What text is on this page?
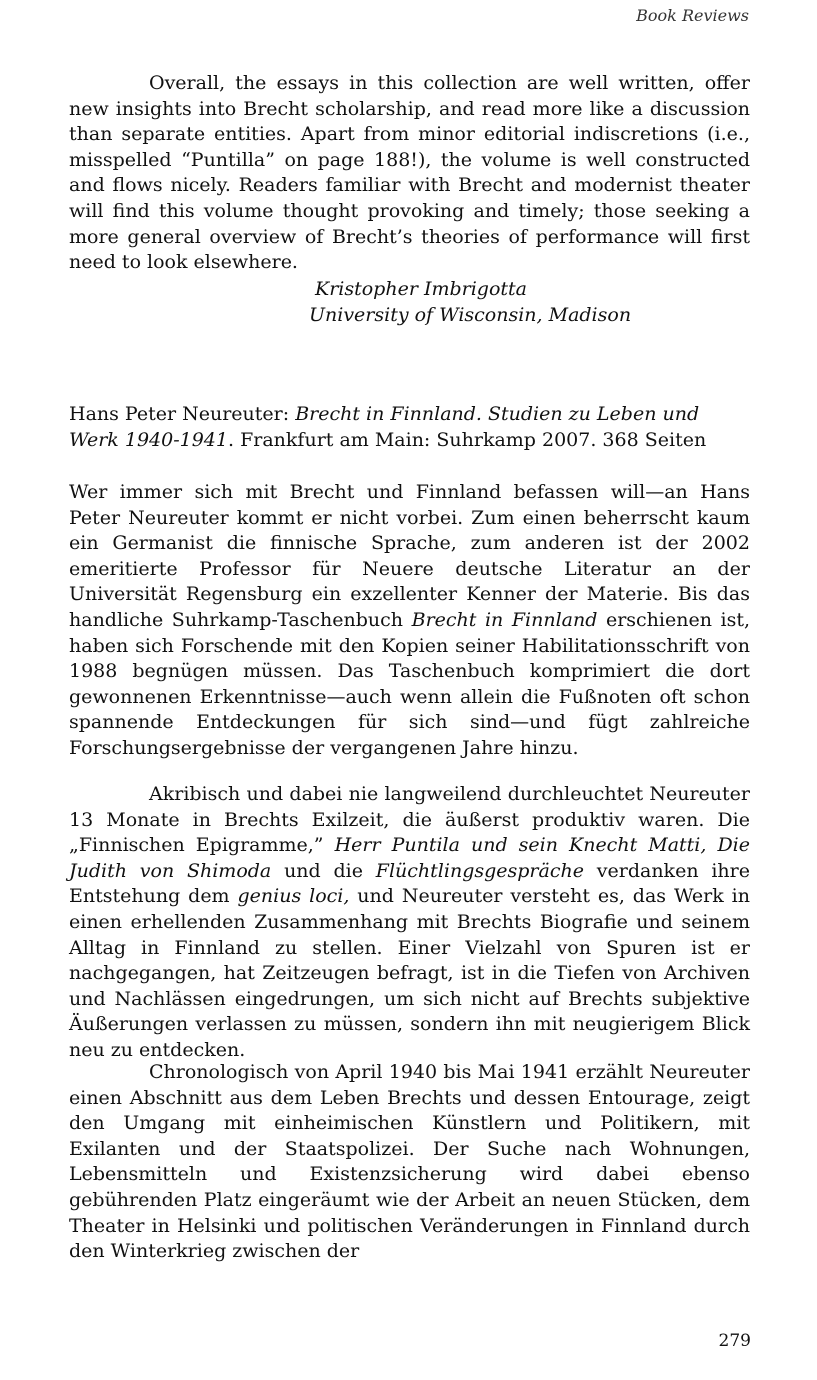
Book Reviews

Overall, the essays in this collection are well written, offer new insights into Brecht scholarship, and read more like a discussion than separate entities. Apart from minor editorial indiscretions (i.e., misspelled “Puntilla” on page 188!), the volume is well constructed and flows nicely. Readers familiar with Brecht and modernist theater will find this volume thought provoking and timely; those seeking a more general overview of Brecht’s theories of performance will first need to look elsewhere.

Kristopher Imbrigotta
University of Wisconsin, Madison

Hans Peter Neureuter: Brecht in Finnland. Studien zu Leben und Werk 1940-1941. Frankfurt am Main: Suhrkamp 2007. 368 Seiten

Wer immer sich mit Brecht und Finnland befassen will—an Hans Peter Neureuter kommt er nicht vorbei. Zum einen beherrscht kaum ein Germanist die finnische Sprache, zum anderen ist der 2002 emeritierte Professor für Neuere deutsche Literatur an der Universität Regensburg ein exzellenter Kenner der Materie. Bis das handliche Suhrkamp-Taschenbuch Brecht in Finnland erschienen ist, haben sich Forschende mit den Kopien seiner Habilitationsschrift von 1988 begnügen müssen. Das Taschenbuch komprimiert die dort gewonnenen Erkenntnisse—auch wenn allein die Fußnoten oft schon spannende Entdeckungen für sich sind—und fügt zahlreiche Forschungsergebnisse der vergangenen Jahre hinzu.

Akribisch und dabei nie langweilend durchleuchtet Neureuter 13 Monate in Brechts Exilzeit, die äußerst produktiv waren. Die „Finnischen Epigramme,” Herr Puntila und sein Knecht Matti, Die Judith von Shimoda und die Flüchtlingsgespräche verdanken ihre Entstehung dem genius loci, und Neureuter versteht es, das Werk in einen erhellenden Zusammenhang mit Brechts Biografie und seinem Alltag in Finnland zu stellen. Einer Vielzahl von Spuren ist er nachgegangen, hat Zeitzeugen befragt, ist in die Tiefen von Archiven und Nachlässen eingedrungen, um sich nicht auf Brechts subjektive Äußerungen verlassen zu müssen, sondern ihn mit neugierigem Blick neu zu entdecken.

Chronologisch von April 1940 bis Mai 1941 erzählt Neureuter einen Abschnitt aus dem Leben Brechts und dessen Entourage, zeigt den Umgang mit einheimischen Künstlern und Politikern, mit Exilanten und der Staatspolizei. Der Suche nach Wohnungen, Lebensmitteln und Existenzsicherung wird dabei ebenso gebührenden Platz eingeräumt wie der Arbeit an neuen Stücken, dem Theater in Helsinki und politischen Veränderungen in Finnland durch den Winterkrieg zwischen der

279
